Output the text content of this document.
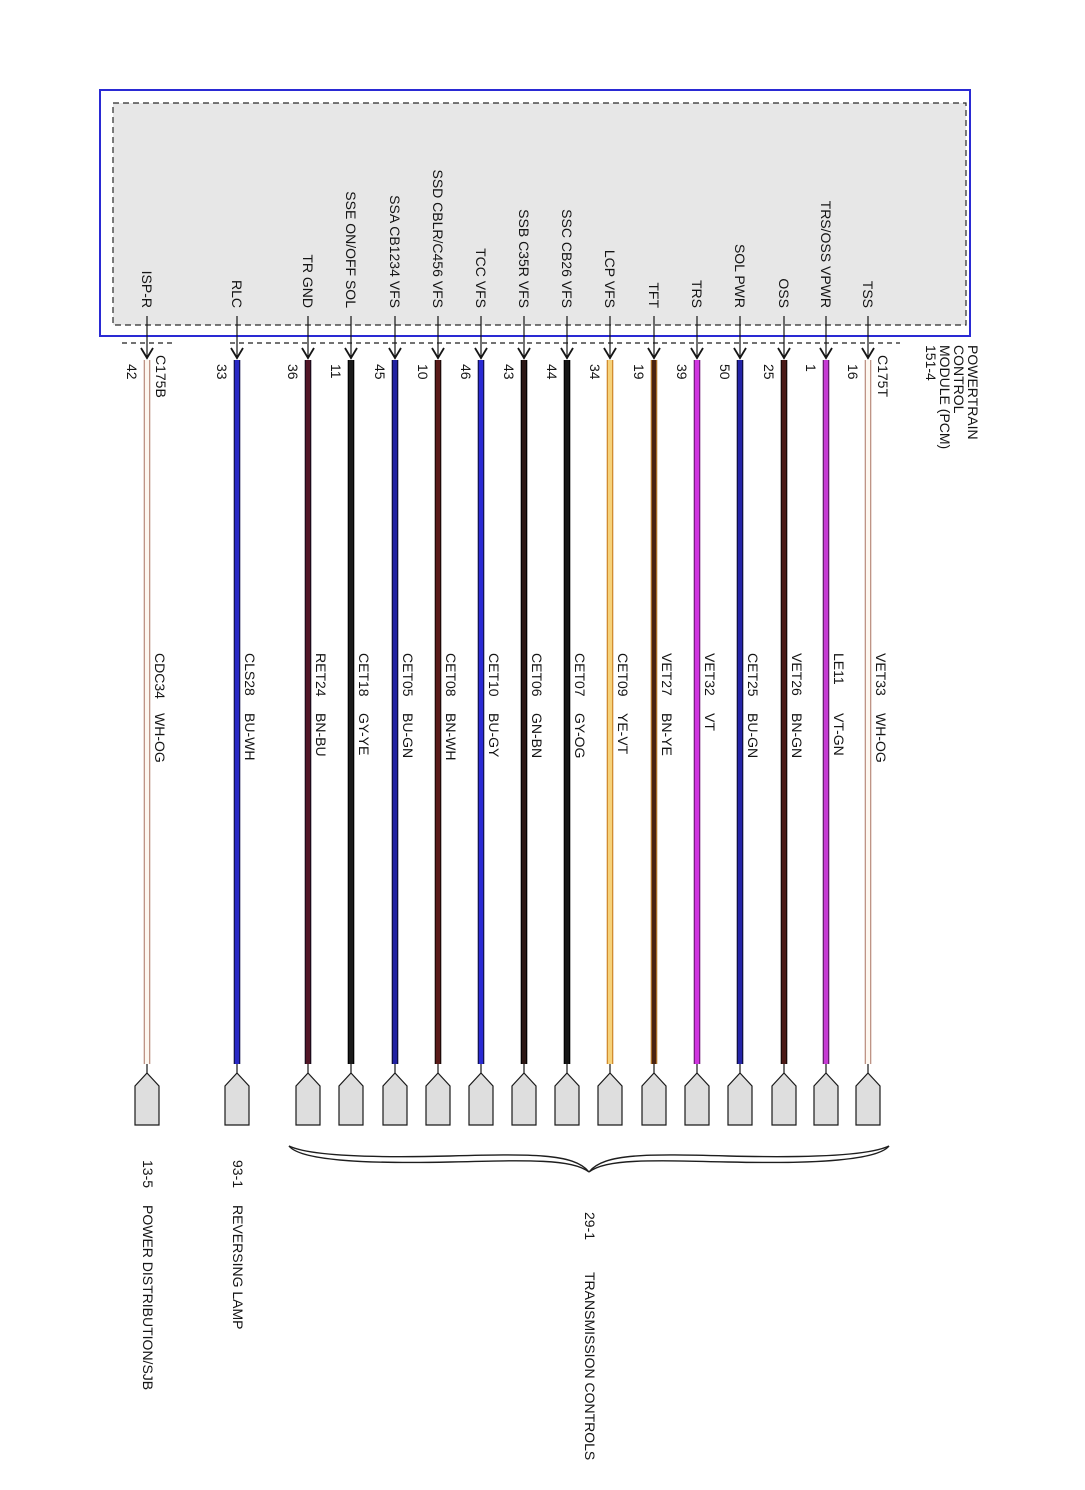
POWERTRAIN
CONTROL
MODULE (PCM)
151-4
C175T
C175B
TSS
16
VET33
WH-OG
TRS/OSS VPWR
1
LE11
VT-GN
OSS
25
VET26
BN-GN
SOL PWR
50
CET25
BU-GN
TRS
39
VET32
VT
TFT
19
VET27
BN-YE
LCP VFS
34
CET09
YE-VT
SSC CB26 VFS
44
CET07
GY-OG
SSB C35R VFS
43
CET06
GN-BN
TCC VFS
46
CET10
BU-GY
SSD CBLR/C456 VFS
10
CET08
BN-WH
SSA CB1234 VFS
45
CET05
BU-GN
SSE ON/OFF SOL
11
CET18
GY-YE
TR GND
36
RET24
BN-BU
RLC
33
CLS28
BU-WH
ISP-R
42
CDC34
WH-OG
13-5
POWER DISTRIBUTION/SJB
93-1
REVERSING LAMP	29-1
TRANSMISSION CONTROLS
